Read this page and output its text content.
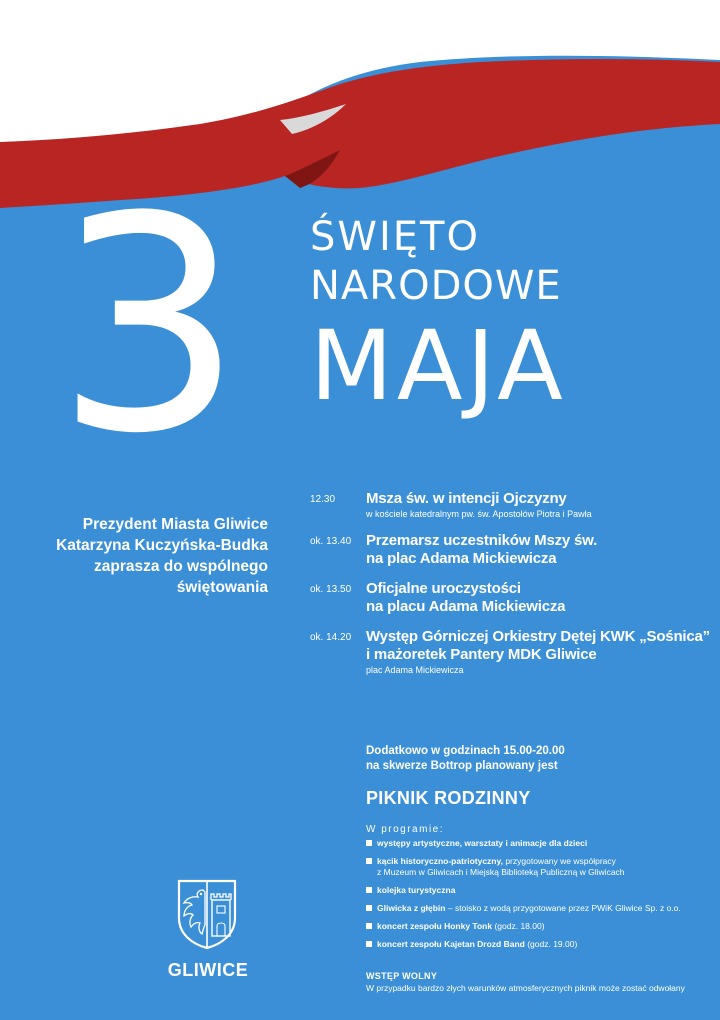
3 ŚWIĘTO
NARODOWE
MAJA
Prezydent Miasta Gliwice
Katarzyna Kuczyńska-Budka
zaprasza do wspólnego
świętowania
12.30 Msza św. w intencji Ojczyzny
w kościele katedralnym pw. św. Apostołów Piotra i Pawła
ok. 13.40 Przemarsz uczestników Mszy św.
na plac Adama Mickiewicza
ok. 13.50 Oficjalne uroczystości
na placu Adama Mickiewicza
ok. 14.20 Występ Górniczej Orkiestry Dętej KWK „Sośnica”
i mażoretek Pantery MDK Gliwice
plac Adama Mickiewicza
Dodatkowo w godzinach 15.00-20.00
na skwerze Bottrop planowany jest
PIKNIK RODZINNY
W programie:
występy artystyczne, warsztaty i animacje dla dzieci
kącik historyczno-patriotyczny, przygotowany we współpracy
z Muzeum w Gliwicach i Miejską Biblioteką Publiczną w Gliwicach
kolejka turystyczna
Gliwicka z głębin – stoisko z wodą przygotowane przez PWiK Gliwice Sp. z o.o.
koncert zespołu Honky Tonk (godz. 18.00)
koncert zespołu Kajetan Drozd Band (godz. 19.00)
WSTĘP WOLNY
W przypadku bardzo złych warunków atmosferycznych piknik może zostać odwołany
GLIWICE
